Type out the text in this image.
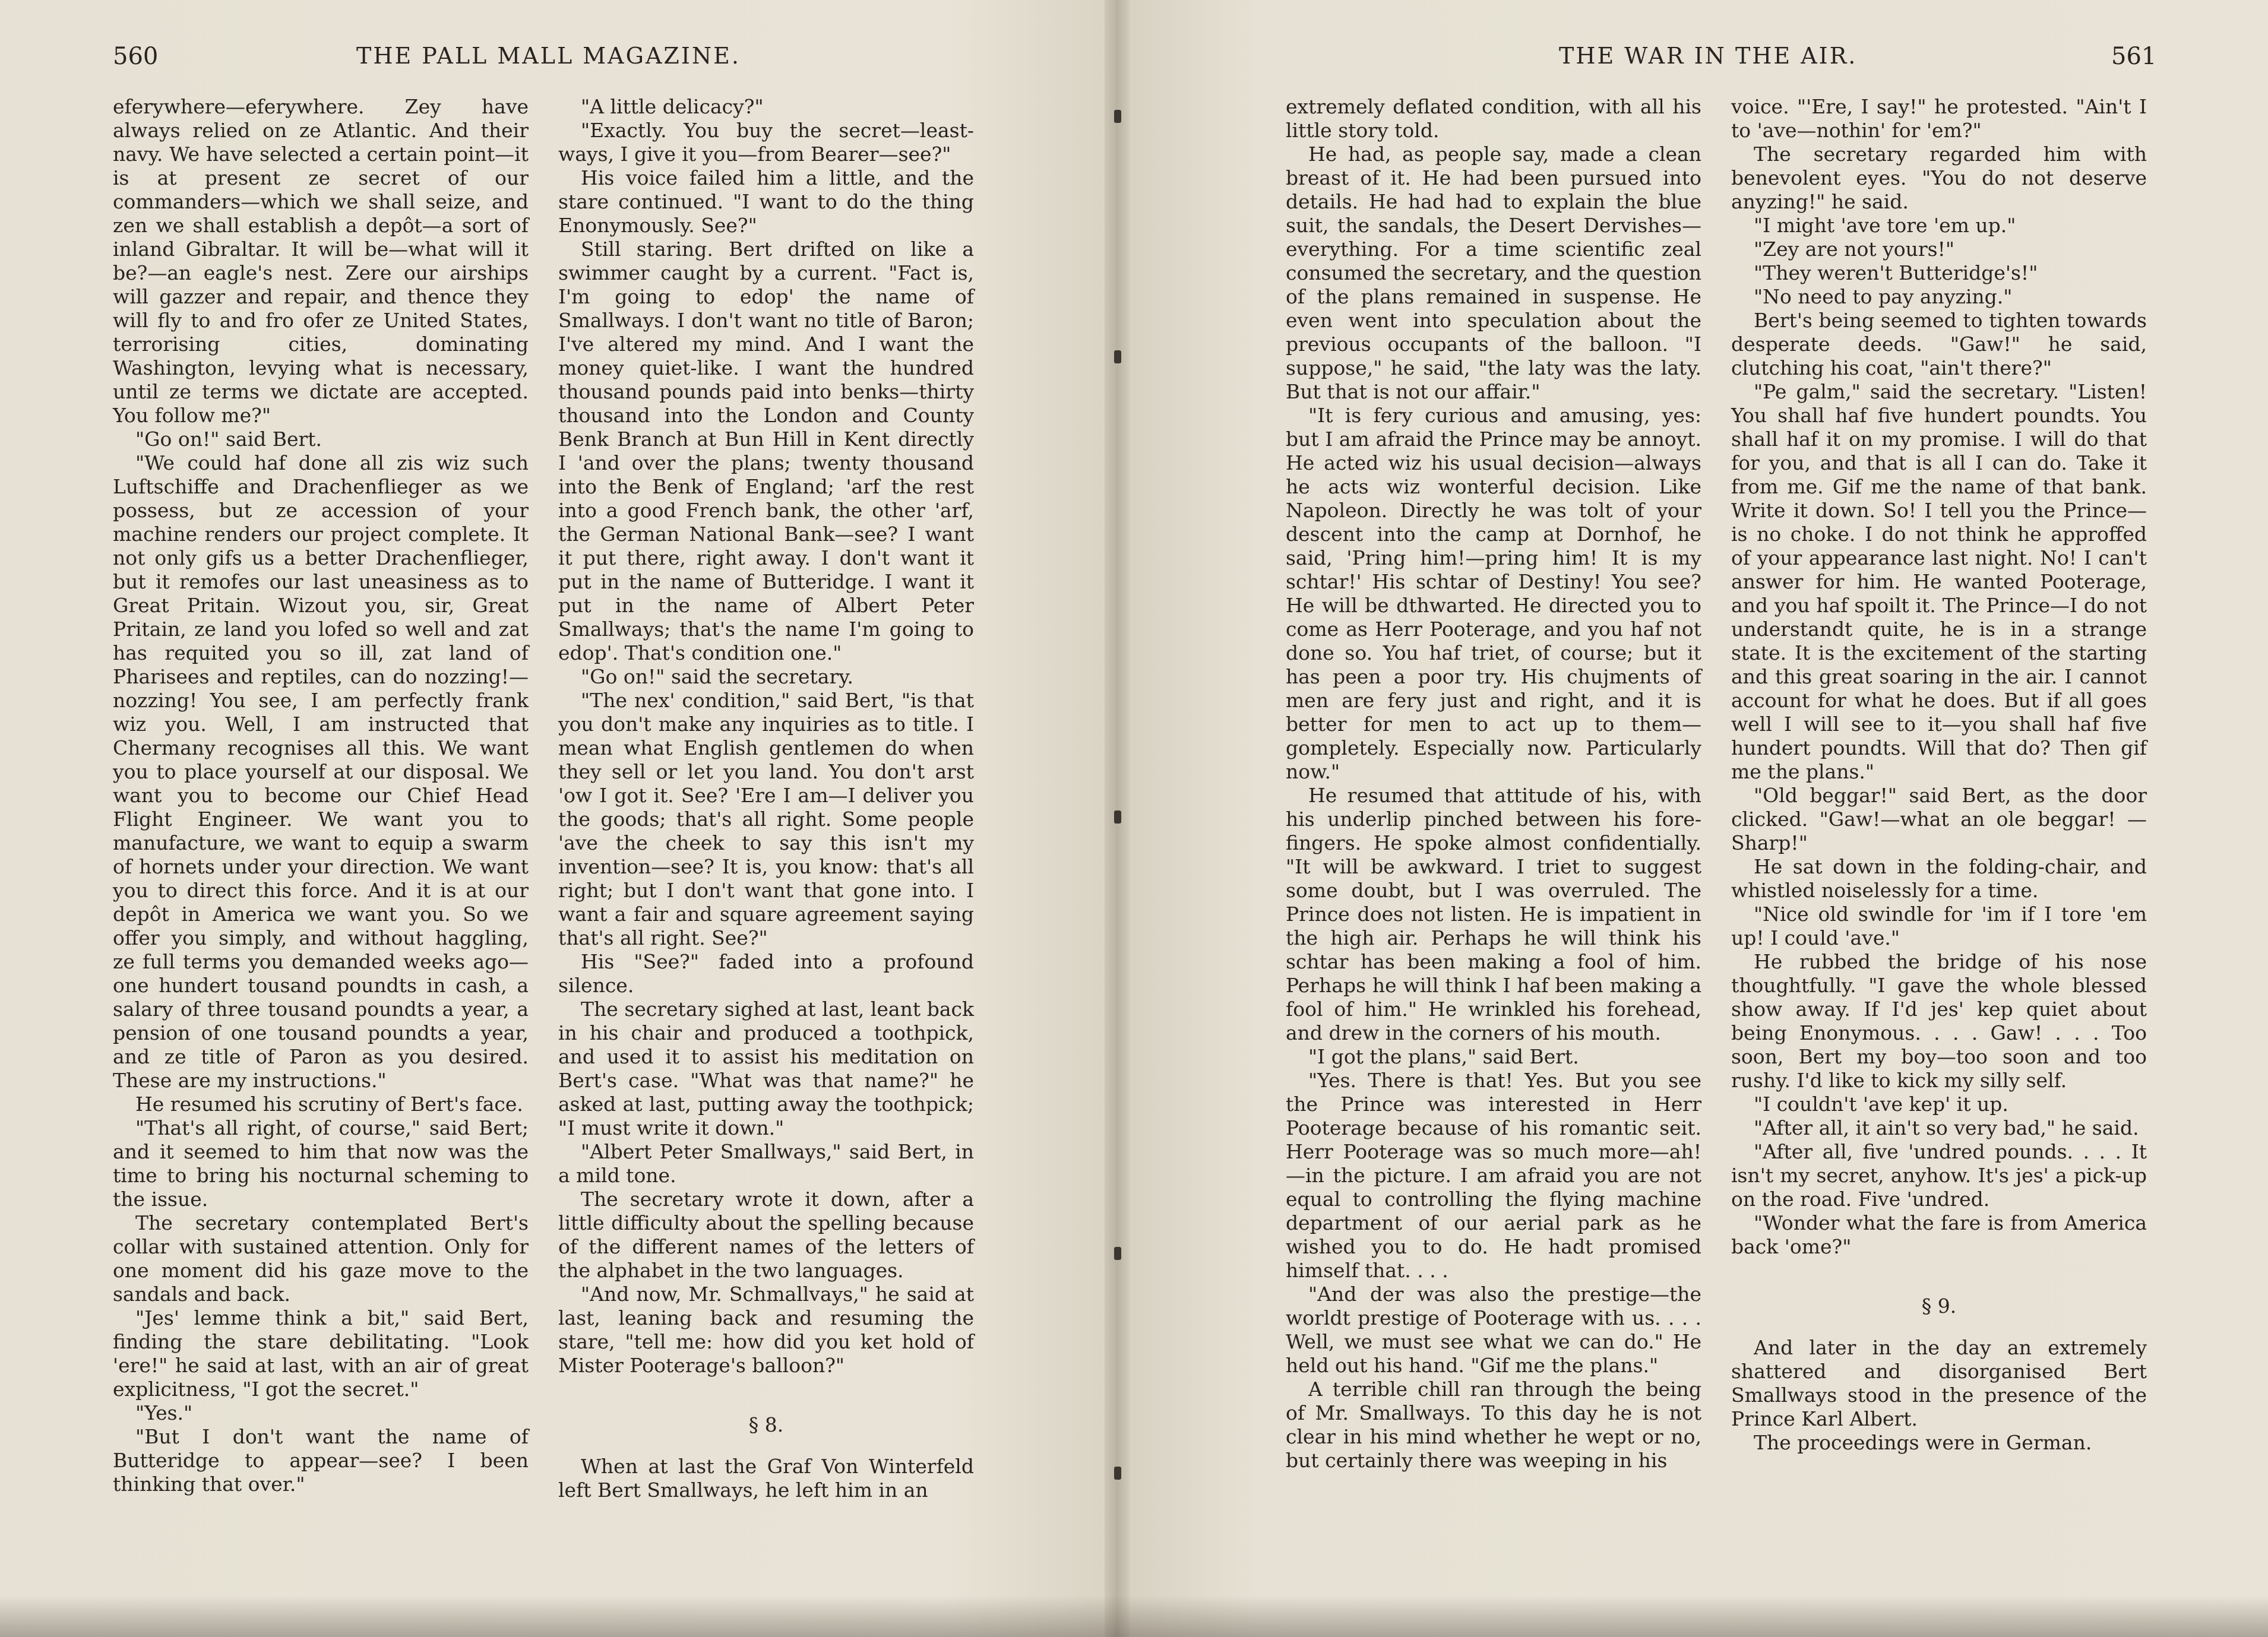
560	THE PALL MALL MAGAZINE.

eferywhere—eferywhere. Zey have always relied on ze Atlantic. And their navy. We have selected a certain point—it is at present ze secret of our commanders—which we shall seize, and zen we shall establish a depôt—a sort of inland Gibraltar. It will be—what will it be?—an eagle's nest. Zere our airships will gazzer and repair, and thence they will fly to and fro ofer ze United States, terrorising cities, dominating Washington, levying what is necessary, until ze terms we dictate are accepted. You follow me?"

"Go on!" said Bert.

"We could haf done all zis wiz such Luftschiffe and Drachenflieger as we possess, but ze accession of your machine renders our project complete. It not only gifs us a better Drachenflieger, but it remofes our last uneasiness as to Great Pritain. Wizout you, sir, Great Pritain, ze land you lofed so well and zat has requited you so ill, zat land of Pharisees and reptiles, can do nozzing!—nozzing! You see, I am perfectly frank wiz you. Well, I am instructed that Chermany recognises all this. We want you to place yourself at our disposal. We want you to become our Chief Head Flight Engineer. We want you to manufacture, we want to equip a swarm of hornets under your direction. We want you to direct this force. And it is at our depôt in America we want you. So we offer you simply, and without haggling, ze full terms you demanded weeks ago—one hundert tousand poundts in cash, a salary of three tousand poundts a year, a pension of one tousand poundts a year, and ze title of Paron as you desired. These are my instructions."

He resumed his scrutiny of Bert's face.

"That's all right, of course," said Bert; and it seemed to him that now was the time to bring his nocturnal scheming to the issue.

The secretary contemplated Bert's collar with sustained attention. Only for one moment did his gaze move to the sandals and back.

"Jes' lemme think a bit," said Bert, finding the stare debilitating. "Look 'ere!" he said at last, with an air of great explicitness, "I got the secret."

"Yes."

"But I don't want the name of Butteridge to appear—see? I been thinking that over."

"A little delicacy?"

"Exactly. You buy the secret—least-ways, I give it you—from Bearer—see?"

His voice failed him a little, and the stare continued. "I want to do the thing Enonymously. See?"

Still staring. Bert drifted on like a swimmer caught by a current. "Fact is, I'm going to edop' the name of Smallways. I don't want no title of Baron; I've altered my mind. And I want the money quiet-like. I want the hundred thousand pounds paid into benks—thirty thousand into the London and County Benk Branch at Bun Hill in Kent directly I 'and over the plans; twenty thousand into the Benk of England; 'arf the rest into a good French bank, the other 'arf, the German National Bank—see? I want it put there, right away. I don't want it put in the name of Butteridge. I want it put in the name of Albert Peter Smallways; that's the name I'm going to edop'. That's condition one."

"Go on!" said the secretary.

"The nex' condition," said Bert, "is that you don't make any inquiries as to title. I mean what English gentlemen do when they sell or let you land. You don't arst 'ow I got it. See? 'Ere I am—I deliver you the goods; that's all right. Some people 'ave the cheek to say this isn't my invention—see? It is, you know: that's all right; but I don't want that gone into. I want a fair and square agreement saying that's all right. See?"

His "See?" faded into a profound silence.

The secretary sighed at last, leant back in his chair and produced a toothpick, and used it to assist his meditation on Bert's case. "What was that name?" he asked at last, putting away the toothpick; "I must write it down."

"Albert Peter Smallways," said Bert, in a mild tone.

The secretary wrote it down, after a little difficulty about the spelling because of the different names of the letters of the alphabet in the two languages.

"And now, Mr. Schmallvays," he said at last, leaning back and resuming the stare, "tell me: how did you ket hold of Mister Pooterage's balloon?"

§ 8.

When at last the Graf Von Winterfeld left Bert Smallways, he left him in an

THE WAR IN THE AIR.	561

extremely deflated condition, with all his little story told.

He had, as people say, made a clean breast of it. He had been pursued into details. He had had to explain the blue suit, the sandals, the Desert Dervishes—everything. For a time scientific zeal consumed the secretary, and the question of the plans remained in suspense. He even went into speculation about the previous occupants of the balloon. "I suppose," he said, "the laty was the laty. But that is not our affair."

"It is fery curious and amusing, yes: but I am afraid the Prince may be annoyt. He acted wiz his usual decision—always he acts wiz wonterful decision. Like Napoleon. Directly he was tolt of your descent into the camp at Dornhof, he said, 'Pring him!—pring him! It is my schtar!' His schtar of Destiny! You see? He will be dthwarted. He directed you to come as Herr Pooterage, and you haf not done so. You haf triet, of course; but it has peen a poor try. His chujments of men are fery just and right, and it is better for men to act up to them—gompletely. Especially now. Particularly now."

He resumed that attitude of his, with his underlip pinched between his fore-fingers. He spoke almost confidentially. "It will be awkward. I triet to suggest some doubt, but I was overruled. The Prince does not listen. He is impatient in the high air. Perhaps he will think his schtar has been making a fool of him. Perhaps he will think I haf been making a fool of him." He wrinkled his forehead, and drew in the corners of his mouth.

"I got the plans," said Bert.

"Yes. There is that! Yes. But you see the Prince was interested in Herr Pooterage because of his romantic seit. Herr Pooterage was so much more—ah!—in the picture. I am afraid you are not equal to controlling the flying machine department of our aerial park as he wished you to do. He hadt promised himself that. . . .

"And der was also the prestige—the worldt prestige of Pooterage with us. . . . Well, we must see what we can do." He held out his hand. "Gif me the plans."

A terrible chill ran through the being of Mr. Smallways. To this day he is not clear in his mind whether he wept or no, but certainly there was weeping in his

voice. "'Ere, I say!" he protested. "Ain't I to 'ave—nothin' for 'em?"

The secretary regarded him with benevolent eyes. "You do not deserve anyzing!" he said.

"I might 'ave tore 'em up."

"Zey are not yours!"

"They weren't Butteridge's!"

"No need to pay anyzing."

Bert's being seemed to tighten towards desperate deeds. "Gaw!" he said, clutching his coat, "ain't there?"

"Pe galm," said the secretary. "Listen! You shall haf five hundert poundts. You shall haf it on my promise. I will do that for you, and that is all I can do. Take it from me. Gif me the name of that bank. Write it down. So! I tell you the Prince—is no choke. I do not think he approffed of your appearance last night. No! I can't answer for him. He wanted Pooterage, and you haf spoilt it. The Prince—I do not understandt quite, he is in a strange state. It is the excitement of the starting and this great soaring in the air. I cannot account for what he does. But if all goes well I will see to it—you shall haf five hundert poundts. Will that do? Then gif me the plans."

"Old beggar!" said Bert, as the door clicked. "Gaw!—what an ole beggar! —Sharp!"

He sat down in the folding-chair, and whistled noiselessly for a time.

"Nice old swindle for 'im if I tore 'em up! I could 'ave."

He rubbed the bridge of his nose thoughtfully. "I gave the whole blessed show away. If I'd jes' kep quiet about being Enonymous. . . . Gaw! . . . Too soon, Bert my boy—too soon and too rushy. I'd like to kick my silly self.

"I couldn't 'ave kep' it up.

"After all, it ain't so very bad," he said.

"After all, five 'undred pounds. . . . It isn't my secret, anyhow. It's jes' a pick-up on the road. Five 'undred.

"Wonder what the fare is from America back 'ome?"

§ 9.

And later in the day an extremely shattered and disorganised Bert Smallways stood in the presence of the Prince Karl Albert.

The proceedings were in German.
